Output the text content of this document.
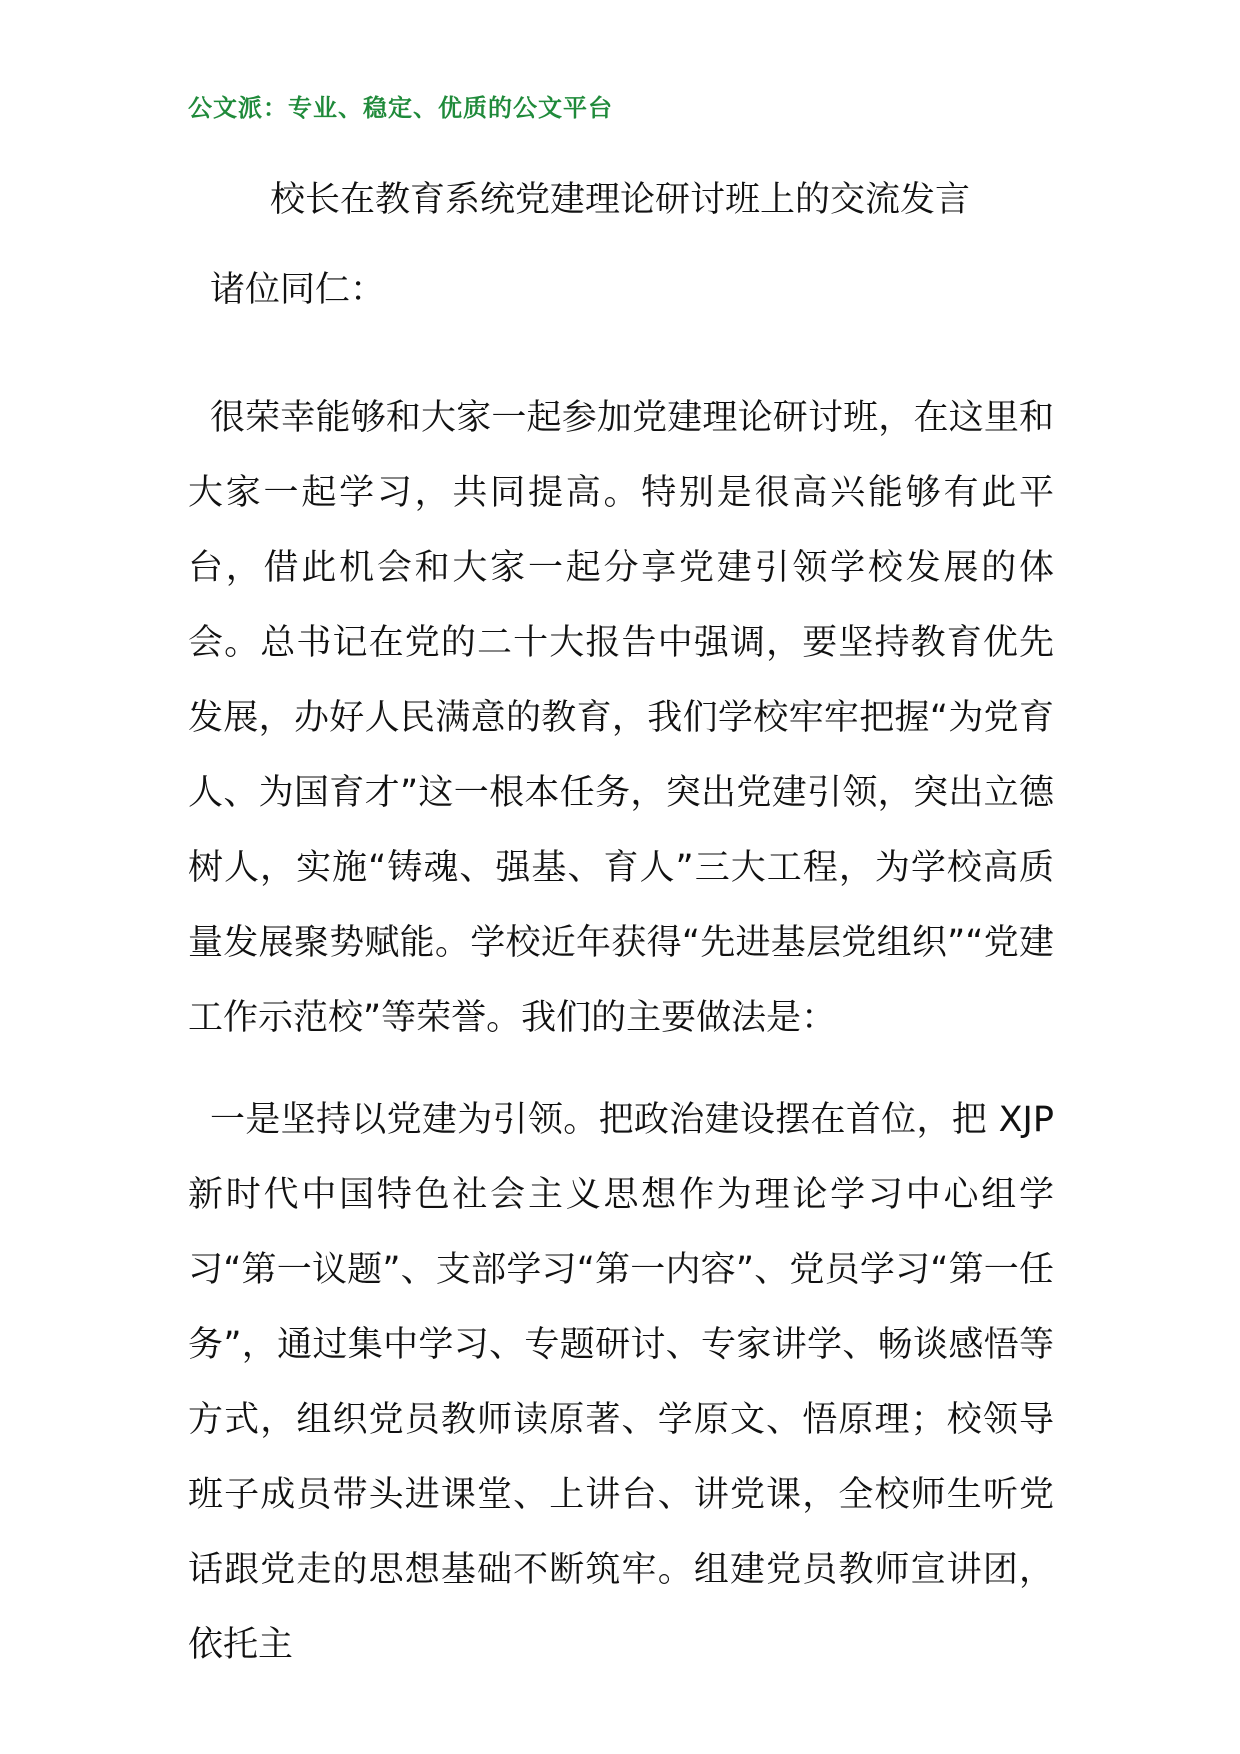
公文派：专业、稳定、优质的公文平台
校长在教育系统党建理论研讨班上的交流发言
诸位同仁：

很荣幸能够和大家一起参加党建理论研讨班，在这里和大家一起学习，共同提高。特别是很高兴能够有此平台，借此机会和大家一起分享党建引领学校发展的体会。总书记在党的二十大报告中强调，要坚持教育优先发展，办好人民满意的教育，我们学校牢牢把握“为党育人、为国育才”这一根本任务，突出党建引领，突出立德树人，实施“铸魂、强基、育人”三大工程，为学校高质量发展聚势赋能。学校近年获得“先进基层党组织”“党建工作示范校”等荣誉。我们的主要做法是：

一是坚持以党建为引领。把政治建设摆在首位，把 XJP 新时代中国特色社会主义思想作为理论学习中心组学习“第一议题”、支部学习“第一内容”、党员学习“第一任务”，通过集中学习、专题研讨、专家讲学、畅谈感悟等方式，组织党员教师读原著、学原文、悟原理；校领导班子成员带头进课堂、上讲台、讲党课，全校师生听党话跟党走的思想基础不断筑牢。组建党员教师宣讲团，依托主
